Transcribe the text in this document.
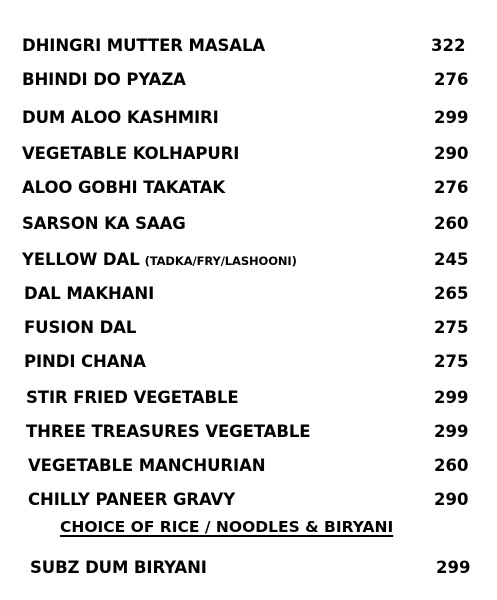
DHINGRI MUTTER MASALA	322
BHINDI DO PYAZA	276
DUM ALOO KASHMIRI	299
VEGETABLE KOLHAPURI	290
ALOO GOBHI TAKATAK	276
SARSON KA SAAG	260
YELLOW DAL (TADKA/FRY/LASHOONI)	245
DAL MAKHANI	265
FUSION DAL	275
PINDI CHANA	275
STIR FRIED VEGETABLE	299
THREE TREASURES VEGETABLE	299
VEGETABLE MANCHURIAN	260
CHILLY PANEER GRAVY	290
CHOICE OF RICE / NOODLES & BIRYANI
SUBZ DUM BIRYANI	299
